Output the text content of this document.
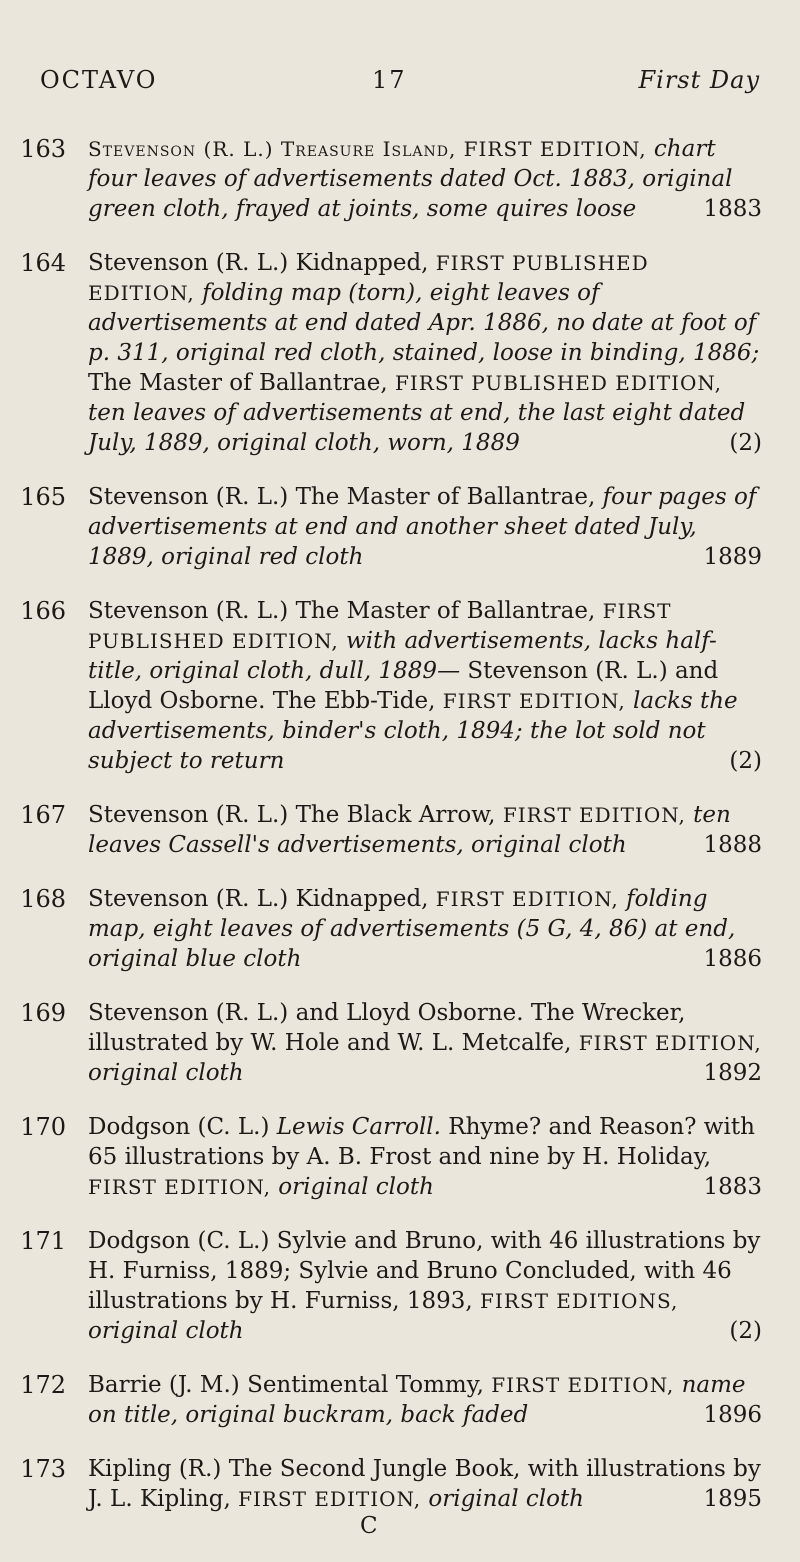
OCTAVO	17	First Day
163	Stevenson (R. L.) Treasure Island, FIRST EDITION, chart four leaves of advertisements dated Oct. 1883, original green cloth, frayed at joints, some quires loose	1883
164 Stevenson (R. L.) Kidnapped, FIRST PUBLISHED EDITION, folding map (torn), eight leaves of advertisements at end dated Apr. 1886, no date at foot of p. 311, original red cloth, stained, loose in binding, 1886; The Master of Ballantrae, FIRST PUBLISHED EDITION, ten leaves of advertisements at end, the last eight dated July, 1889, original cloth, worn, 1889	(2)
165 Stevenson (R. L.) The Master of Ballantrae, four pages of advertisements at end and another sheet dated July, 1889, original red cloth	1889
166 Stevenson (R. L.) The Master of Ballantrae, FIRST PUBLISHED EDITION, with advertisements, lacks half-title, original cloth, dull, 1889— Stevenson (R. L.) and Lloyd Osborne. The Ebb-Tide, FIRST EDITION, lacks the advertisements, binder's cloth, 1894; the lot sold not subject to return	(2)
167 Stevenson (R. L.) The Black Arrow, FIRST EDITION, ten leaves Cassell's advertisements, original cloth	1888
168 Stevenson (R. L.) Kidnapped, FIRST EDITION, folding map, eight leaves of advertisements (5 G, 4, 86) at end, original blue cloth	1886
169 Stevenson (R. L.) and Lloyd Osborne. The Wrecker, illustrated by W. Hole and W. L. Metcalfe, FIRST EDITION, original cloth	1892
170 Dodgson (C. L.) Lewis Carroll. Rhyme? and Reason? with 65 illustrations by A. B. Frost and nine by H. Holiday, FIRST EDITION, original cloth	1883
171 Dodgson (C. L.) Sylvie and Bruno, with 46 illustrations by H. Furniss, 1889; Sylvie and Bruno Concluded, with 46 illustrations by H. Furniss, 1893, FIRST EDITIONS, original cloth	(2)
172 Barrie (J. M.) Sentimental Tommy, FIRST EDITION, name on title, original buckram, back faded	1896
173 Kipling (R.) The Second Jungle Book, with illustrations by J. L. Kipling, FIRST EDITION, original cloth	1895
C
